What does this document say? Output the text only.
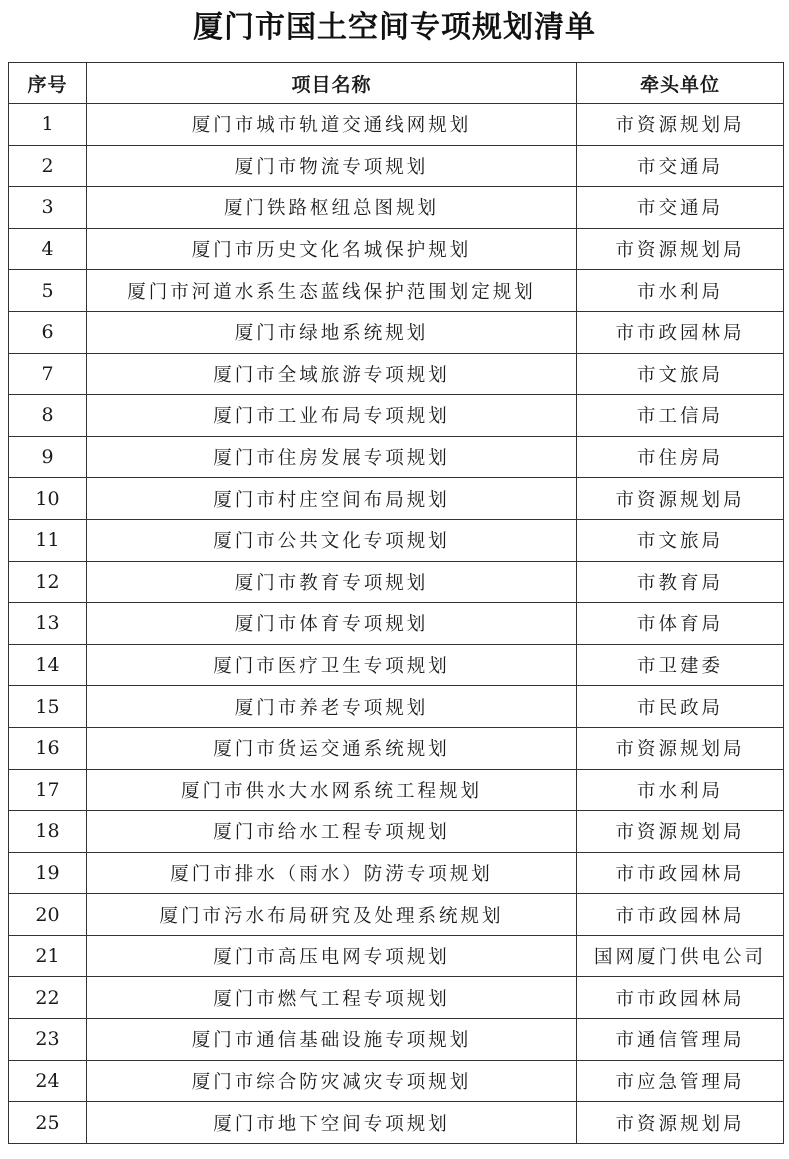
厦门市国土空间专项规划清单
序号	项目名称	牵头单位
1	厦门市城市轨道交通线网规划	市资源规划局
2	厦门市物流专项规划	市交通局
3	厦门铁路枢纽总图规划	市交通局
4	厦门市历史文化名城保护规划	市资源规划局
5	厦门市河道水系生态蓝线保护范围划定规划	市水利局
6	厦门市绿地系统规划	市市政园林局
7	厦门市全域旅游专项规划	市文旅局
8	厦门市工业布局专项规划	市工信局
9	厦门市住房发展专项规划	市住房局
10	厦门市村庄空间布局规划	市资源规划局
11	厦门市公共文化专项规划	市文旅局
12	厦门市教育专项规划	市教育局
13	厦门市体育专项规划	市体育局
14	厦门市医疗卫生专项规划	市卫建委
15	厦门市养老专项规划	市民政局
16	厦门市货运交通系统规划	市资源规划局
17	厦门市供水大水网系统工程规划	市水利局
18	厦门市给水工程专项规划	市资源规划局
19	厦门市排水（雨水）防涝专项规划	市市政园林局
20	厦门市污水布局研究及处理系统规划	市市政园林局
21	厦门市高压电网专项规划	国网厦门供电公司
22	厦门市燃气工程专项规划	市市政园林局
23	厦门市通信基础设施专项规划	市通信管理局
24	厦门市综合防灾减灾专项规划	市应急管理局
25	厦门市地下空间专项规划	市资源规划局
